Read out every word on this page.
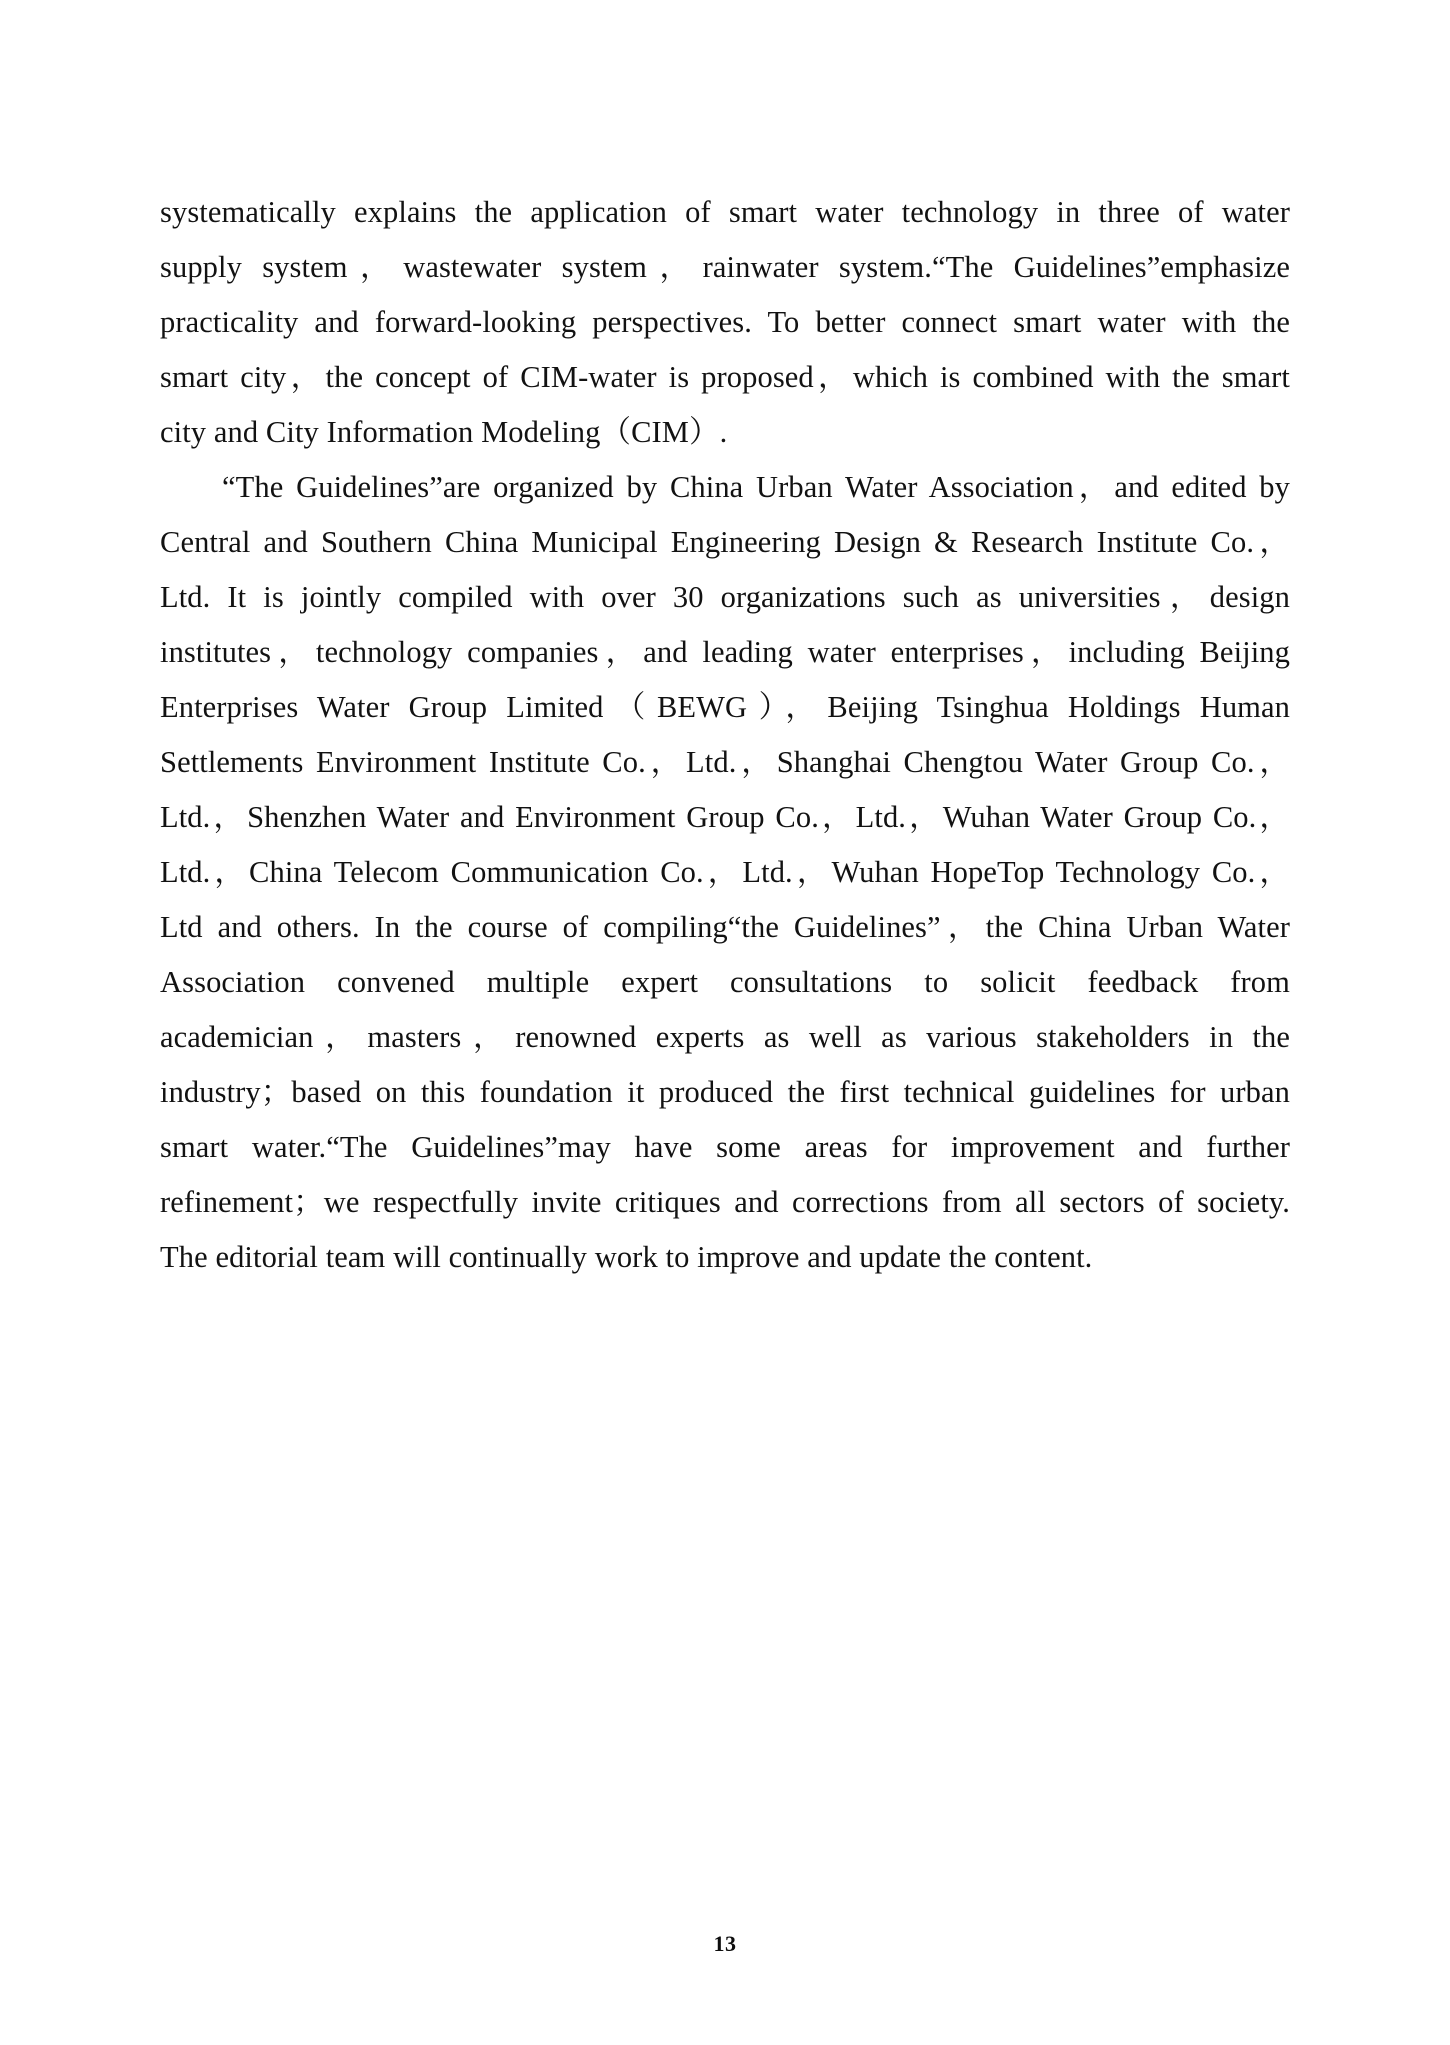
systematically explains the application of smart water technology in three of water
supply system，wastewater system，rainwater system.“The Guidelines”emphasize
practicality and forward-looking perspectives. To better connect smart water with the
smart city，the concept of CIM-water is proposed，which is combined with the smart
city and City Information Modeling（CIM）.

“The Guidelines”are organized by China Urban Water Association，and edited by
Central and Southern China Municipal Engineering Design & Research Institute Co.，
Ltd. It is jointly compiled with over 30 organizations such as universities，design
institutes，technology companies，and leading water enterprises，including Beijing
Enterprises Water Group Limited（BEWG），Beijing Tsinghua Holdings Human
Settlements Environment Institute Co.，Ltd.，Shanghai Chengtou Water Group Co.，
Ltd.，Shenzhen Water and Environment Group Co.，Ltd.，Wuhan Water Group Co.，
Ltd.，China Telecom Communication Co.，Ltd.，Wuhan HopeTop Technology Co.，
Ltd and others. In the course of compiling“the Guidelines”，the China Urban Water
Association convened multiple expert consultations to solicit feedback from
academician，masters，renowned experts as well as various stakeholders in the
industry；based on this foundation it produced the first technical guidelines for urban
smart water.“The Guidelines”may have some areas for improvement and further
refinement；we respectfully invite critiques and corrections from all sectors of society.
The editorial team will continually work to improve and update the content.

13
